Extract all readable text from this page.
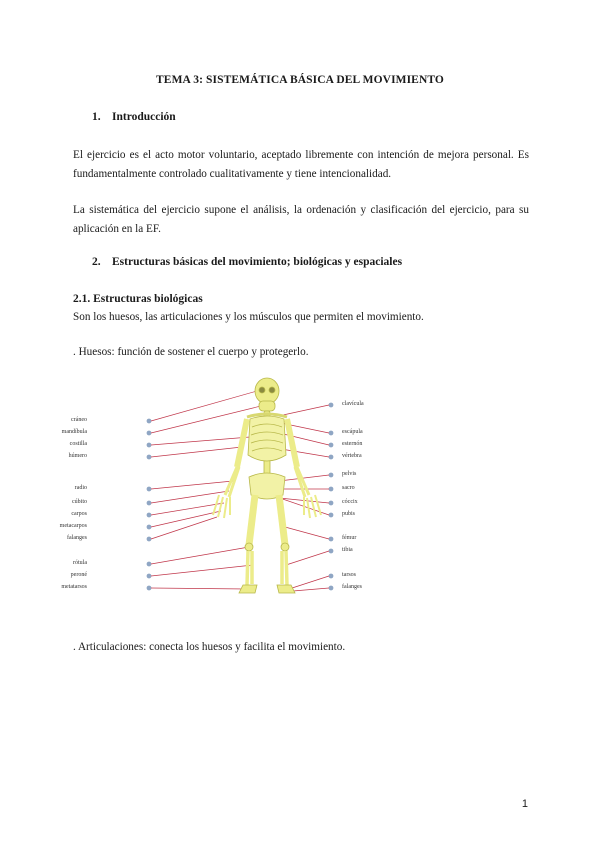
TEMA 3: SISTEMÁTICA BÁSICA DEL MOVIMIENTO
1. Introducción
El ejercicio es el acto motor voluntario, aceptado libremente con intención de mejora personal. Es fundamentalmente controlado cualitativamente y tiene intencionalidad.
La sistemática del ejercicio supone el análisis, la ordenación y clasificación del ejercicio, para su aplicación en la EF.
2. Estructuras básicas del movimiento; biológicas y espaciales
2.1. Estructuras biológicas
Son los huesos, las articulaciones y los músculos que permiten el movimiento.
. Huesos: función de sostener el cuerpo y protegerlo.
cráneo
mandíbula
costilla
húmero
radio
cúbito
carpos
metacarpos
falanges
rótula
peroné
metatarsos
clavícula
escápula
esternón
vértebra
pelvis
sacro
cóccix
pubis
fémur
tibia
tarsos
falanges
. Articulaciones: conecta los huesos y facilita el movimiento.
1
